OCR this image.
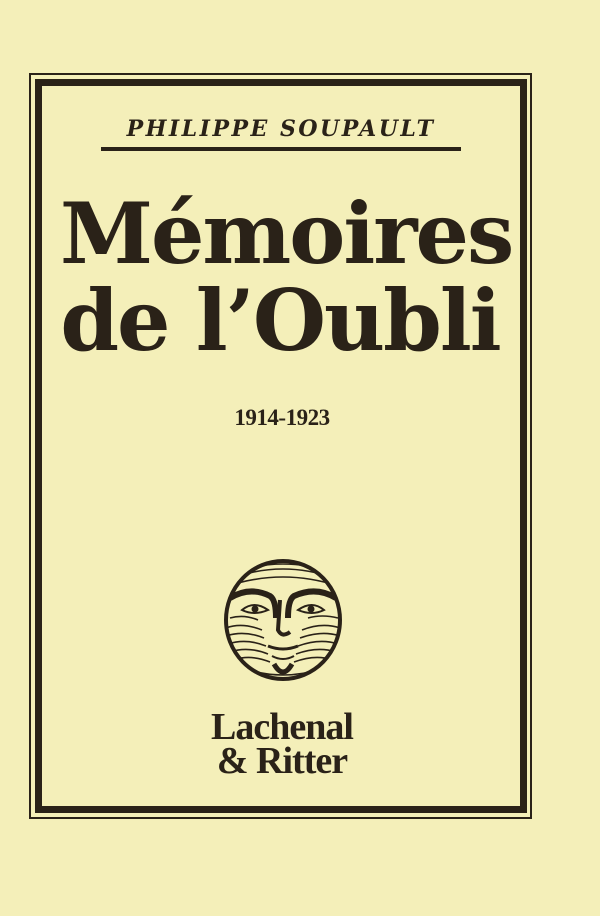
PHILIPPE SOUPAULT
Mémoires
de l’Oubli
1914-1923
Lachenal
& Ritter
